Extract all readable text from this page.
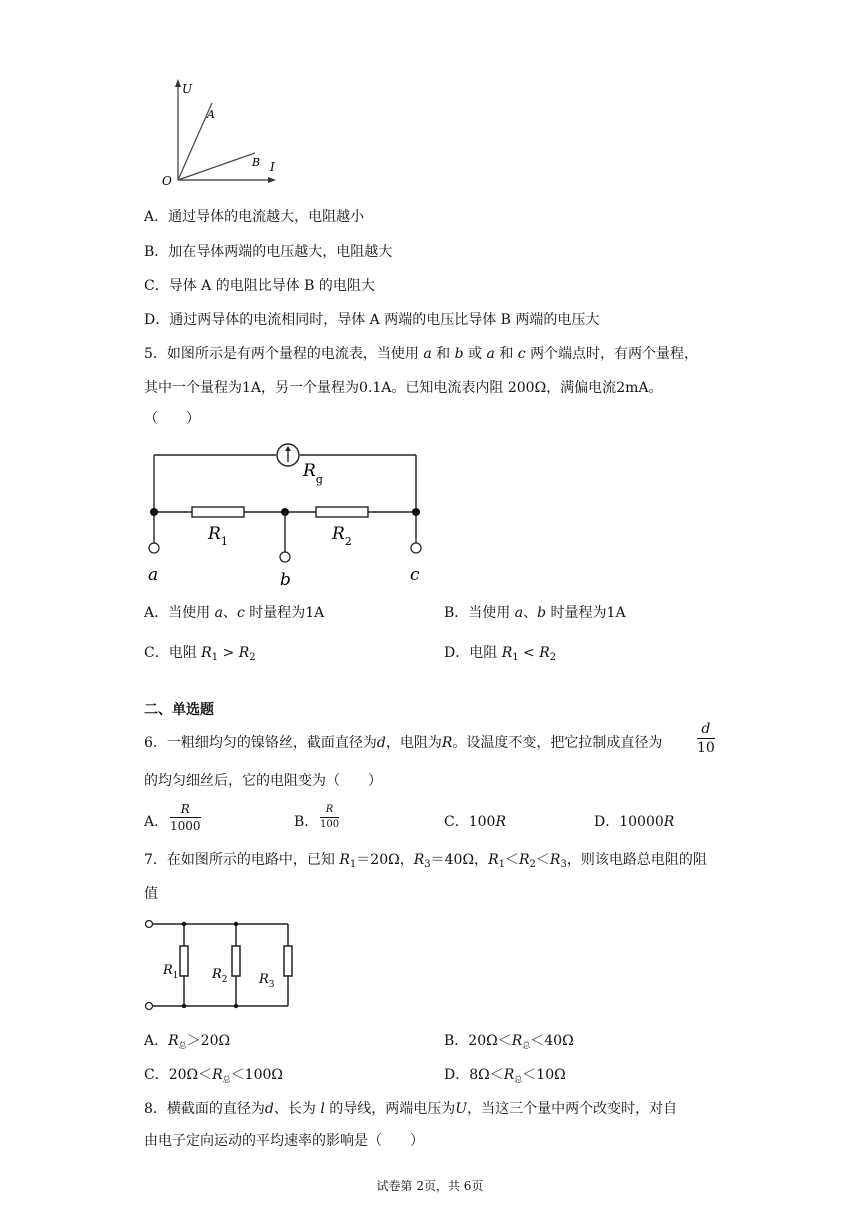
U
I
O
A
B
A．通过导体的电流越大，电阻越小
B．加在导体两端的电压越大，电阻越大
C．导体 A 的电阻比导体 B 的电阻大
D．通过两导体的电流相同时，导体 A 两端的电压比导体 B 两端的电压大
5．如图所示是有两个量程的电流表，当使用 a 和 b 或 a 和 c 两个端点时，有两个量程，
其中一个量程为1A，另一个量程为0.1A。已知电流表内阻 200Ω，满偏电流2mA。
（　　）
$R_g$
$R_1$	$R_2$
a	b	c
A．当使用 a、c 时量程为1A	B．当使用 a、b 时量程为1A
C．电阻 $R_1 > R_2$	D．电阻 $R_1 < R_2$
二、单选题
6．一粗细均匀的镍铬丝，截面直径为d，电阻为R。设温度不变，把它拉制成直径为 $\frac{d}{10}$
的均匀细丝后，它的电阻变为（　　）
A． $\frac{R}{1000}$	B． $\frac{R}{100}$	C．100R	D．10000R
7．在如图所示的电路中，已知 $R_1=20\Omega$，$R_3=40\Omega$，$R_1<R_2<R_3$，则该电路总电阻的阻
值
$R_1$	$R_2$ $R_3$
A．$R_总>20\Omega$	B．$20\Omega<R_总<40\Omega$
C．$20\Omega<R_总<100\Omega$	D．$8\Omega<R_总<10\Omega$
8．横截面的直径为d、长为 l 的导线，两端电压为U，当这三个量中两个改变时，对自
由电子定向运动的平均速率的影响是（　　）
试卷第 2页，共 6页
